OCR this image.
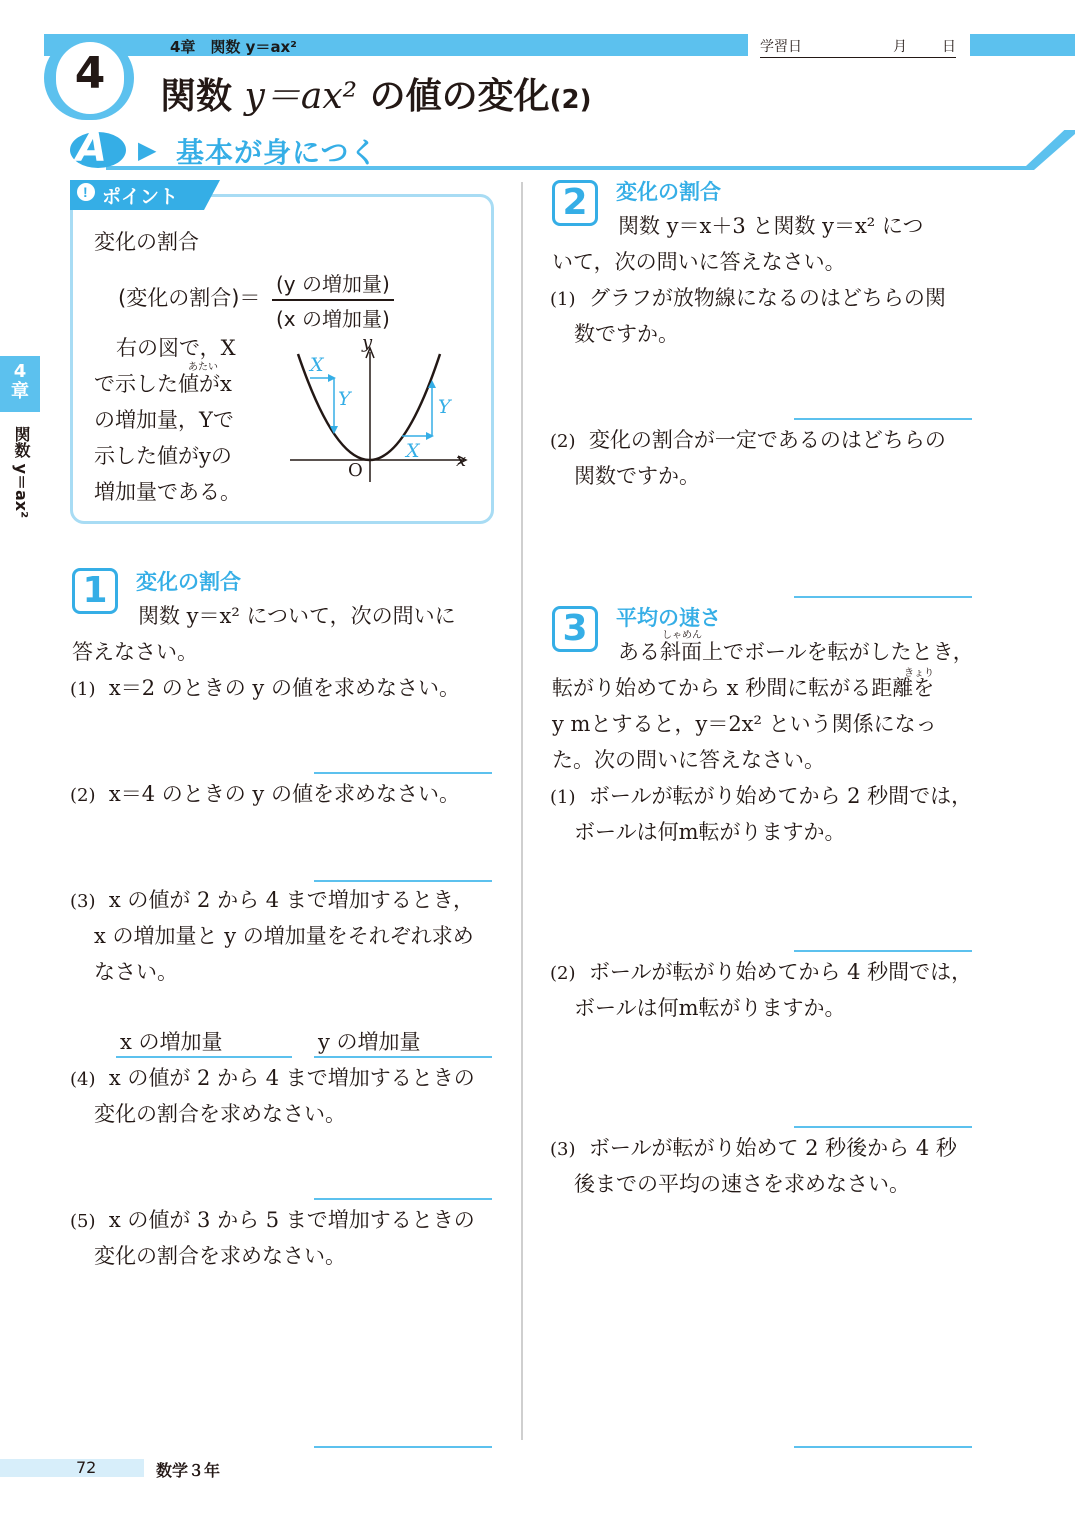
4章　関数 y＝ax²	学習日	月	日
4	関数 y＝ax² の値の変化(2)
A ▶ 基本が身につく
! ポイント
変化の割合
(変化の割合)＝
(y の増加量)
(x の増加量)
あたい
右の図で，X
で示した値がx
の増加量，Yで
示した値がyの
増加量である。
y
x
O
X
Y
X
Y
4章
関数 y＝ax²
1	変化の割合
関数 y＝x² について，次の問いに
答えなさい。
(1) x＝2 のときの y の値を求めなさい。
(2) x＝4 のときの y の値を求めなさい。
(3) x の値が 2 から 4 まで増加するとき，
x の増加量と y の増加量をそれぞれ求め
なさい。
x の増加量	y の増加量
(4) x の値が 2 から 4 まで増加するときの
変化の割合を求めなさい。
(5) x の値が 3 から 5 まで増加するときの
変化の割合を求めなさい。
2	変化の割合
関数 y＝x＋3 と関数 y＝x² につ
いて，次の問いに答えなさい。
(1) グラフが放物線になるのはどちらの関
数ですか。
(2) 変化の割合が一定であるのはどちらの
関数ですか。
3	平均の速さ
しゃめん
きょり
ある斜面上でボールを転がしたとき，
転がり始めてから x 秒間に転がる距離を
y mとすると，y＝2x² という関係になっ
た。次の問いに答えなさい。
(1) ボールが転がり始めてから 2 秒間では，
ボールは何m転がりますか。
(2) ボールが転がり始めてから 4 秒間では，
ボールは何m転がりますか。
(3) ボールが転がり始めて 2 秒後から 4 秒
後までの平均の速さを求めなさい。
72	数学３年
